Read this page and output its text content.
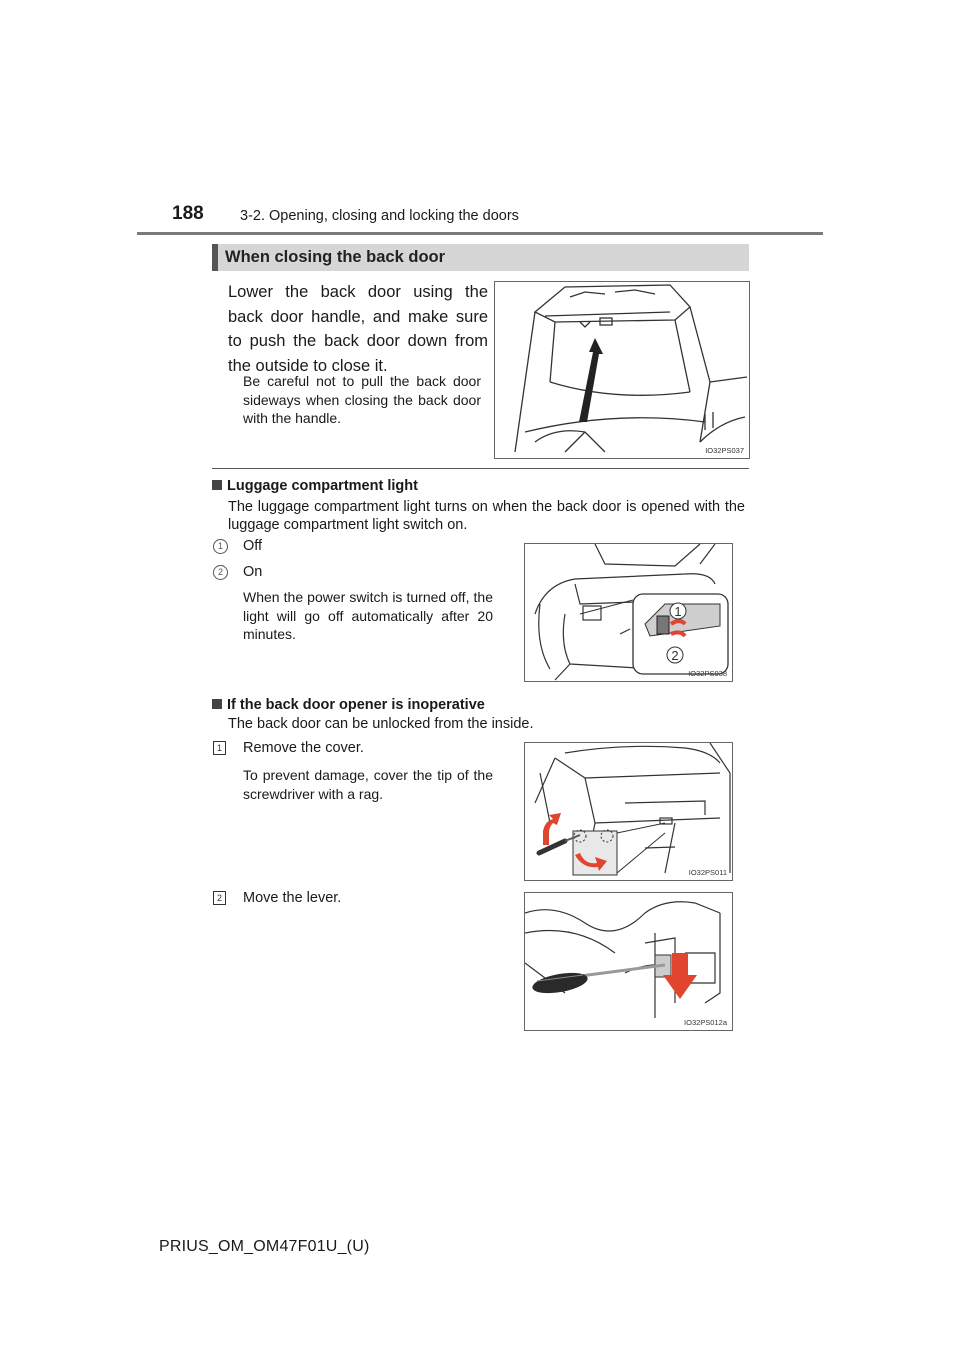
188	3-2. Opening, closing and locking the doors
When closing the back door
Lower the back door using the back door handle, and make sure to push the back door down from the outside to close it.
Be careful not to pull the back door sideways when closing the back door with the handle.
IO32PS037
Luggage compartment light
The luggage compartment light turns on when the back door is opened with the luggage compartment light switch on.
1	Off
2	On
When the power switch is turned off, the light will go off automatically after 20 minutes.
1
2
IO32PS038
If the back door opener is inoperative
The back door can be unlocked from the inside.
1 Remove the cover.
To prevent damage, cover the tip of the screwdriver with a rag.
IO32PS011
2 Move the lever.
IO32PS012a
PRIUS_OM_OM47F01U_(U)
